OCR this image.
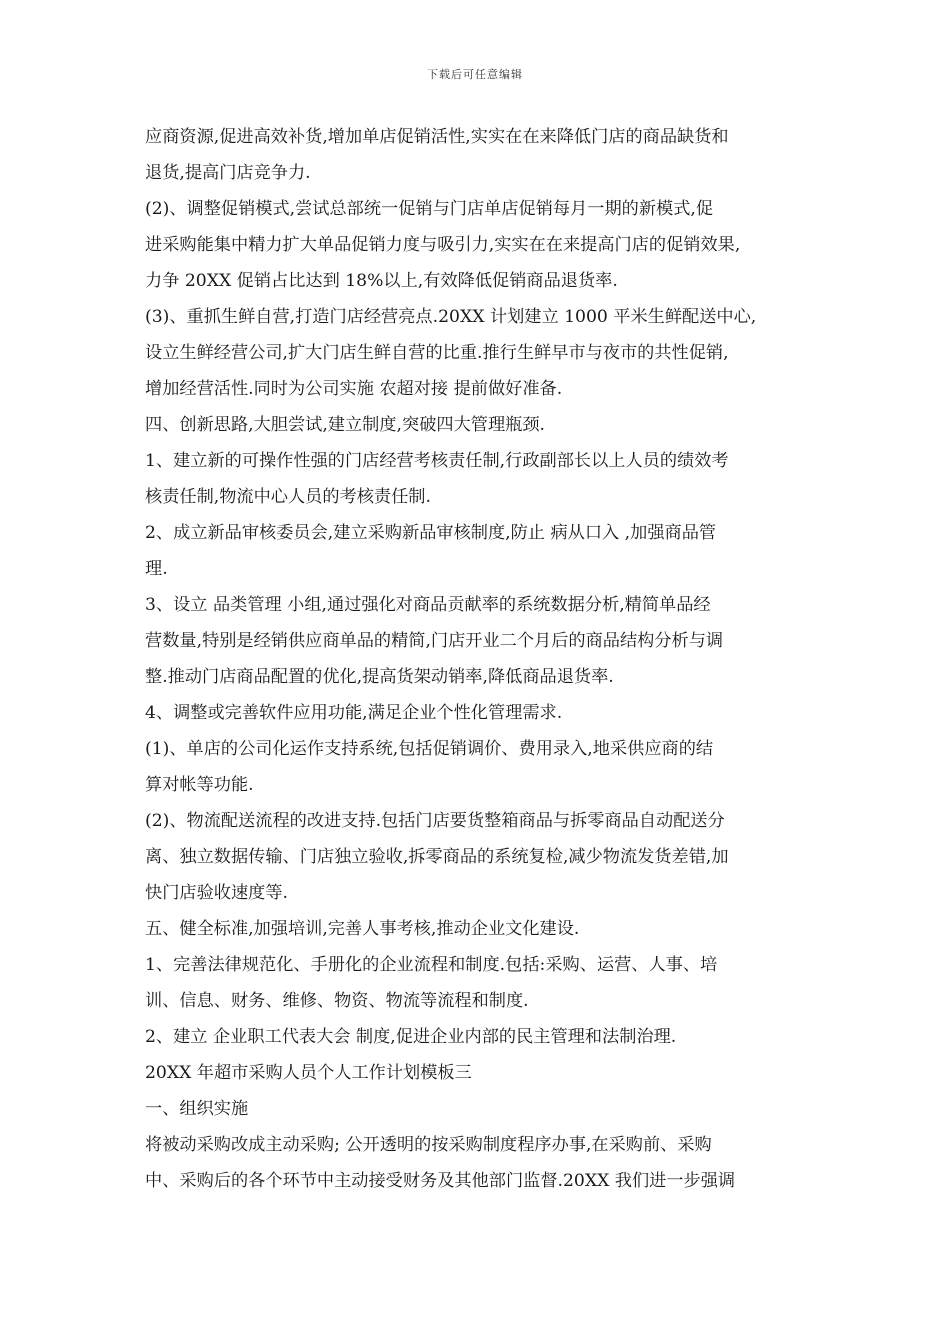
下载后可任意编辑
应商资源,促进高效补货,增加单店促销活性,实实在在来降低门店的商品缺货和
退货,提高门店竞争力.
(2)、调整促销模式,尝试总部统一促销与门店单店促销每月一期的新模式,促
进采购能集中精力扩大单品促销力度与吸引力,实实在在来提高门店的促销效果,
力争 20XX 促销占比达到 18%以上,有效降低促销商品退货率.
(3)、重抓生鲜自营,打造门店经营亮点.20XX 计划建立 1000 平米生鲜配送中心,
设立生鲜经营公司,扩大门店生鲜自营的比重.推行生鲜早市与夜市的共性促销,
增加经营活性.同时为公司实施 农超对接 提前做好准备.
四、创新思路,大胆尝试,建立制度,突破四大管理瓶颈.
1、建立新的可操作性强的门店经营考核责任制,行政副部长以上人员的绩效考
核责任制,物流中心人员的考核责任制.
2、成立新品审核委员会,建立采购新品审核制度,防止 病从口入 ,加强商品管
理.
3、设立 品类管理 小组,通过强化对商品贡献率的系统数据分析,精简单品经
营数量,特别是经销供应商单品的精简,门店开业二个月后的商品结构分析与调
整.推动门店商品配置的优化,提高货架动销率,降低商品退货率.
4、调整或完善软件应用功能,满足企业个性化管理需求.
(1)、单店的公司化运作支持系统,包括促销调价、费用录入,地采供应商的结
算对帐等功能.
(2)、物流配送流程的改进支持.包括门店要货整箱商品与拆零商品自动配送分
离、独立数据传输、门店独立验收,拆零商品的系统复检,减少物流发货差错,加
快门店验收速度等.
五、健全标准,加强培训,完善人事考核,推动企业文化建设.
1、完善法律规范化、手册化的企业流程和制度.包括:采购、运营、人事、培
训、信息、财务、维修、物资、物流等流程和制度.
2、建立 企业职工代表大会 制度,促进企业内部的民主管理和法制治理.
20XX 年超市采购人员个人工作计划模板三
一、组织实施
将被动采购改成主动采购; 公开透明的按采购制度程序办事,在采购前、采购
中、采购后的各个环节中主动接受财务及其他部门监督.20XX 我们进一步强调
